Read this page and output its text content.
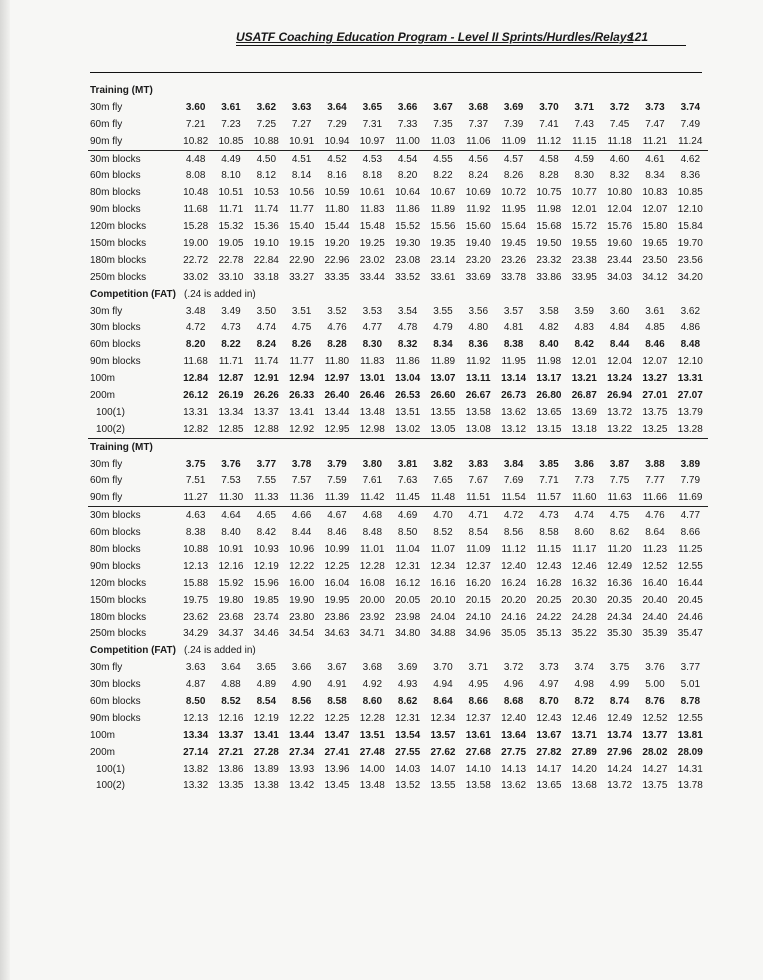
USATF Coaching Education Program - Level II Sprints/Hurdles/Relays
121
Training (MT)															
30m fly	3.60	3.61	3.62	3.63	3.64	3.65	3.66	3.67	3.68	3.69	3.70	3.71	3.72	3.73	3.74
60m fly	7.21	7.23	7.25	7.27	7.29	7.31	7.33	7.35	7.37	7.39	7.41	7.43	7.45	7.47	7.49
90m fly	10.82	10.85	10.88	10.91	10.94	10.97	11.00	11.03	11.06	11.09	11.12	11.15	11.18	11.21	11.24
30m blocks	4.48	4.49	4.50	4.51	4.52	4.53	4.54	4.55	4.56	4.57	4.58	4.59	4.60	4.61	4.62
60m blocks	8.08	8.10	8.12	8.14	8.16	8.18	8.20	8.22	8.24	8.26	8.28	8.30	8.32	8.34	8.36
80m blocks	10.48	10.51	10.53	10.56	10.59	10.61	10.64	10.67	10.69	10.72	10.75	10.77	10.80	10.83	10.85
90m blocks	11.68	11.71	11.74	11.77	11.80	11.83	11.86	11.89	11.92	11.95	11.98	12.01	12.04	12.07	12.10
120m blocks	15.28	15.32	15.36	15.40	15.44	15.48	15.52	15.56	15.60	15.64	15.68	15.72	15.76	15.80	15.84
150m blocks	19.00	19.05	19.10	19.15	19.20	19.25	19.30	19.35	19.40	19.45	19.50	19.55	19.60	19.65	19.70
180m blocks	22.72	22.78	22.84	22.90	22.96	23.02	23.08	23.14	23.20	23.26	23.32	23.38	23.44	23.50	23.56
250m blocks	33.02	33.10	33.18	33.27	33.35	33.44	33.52	33.61	33.69	33.78	33.86	33.95	34.03	34.12	34.20
Competition (FAT)	(.24 is added in)														
30m fly	3.48	3.49	3.50	3.51	3.52	3.53	3.54	3.55	3.56	3.57	3.58	3.59	3.60	3.61	3.62
30m blocks	4.72	4.73	4.74	4.75	4.76	4.77	4.78	4.79	4.80	4.81	4.82	4.83	4.84	4.85	4.86
60m blocks	8.20	8.22	8.24	8.26	8.28	8.30	8.32	8.34	8.36	8.38	8.40	8.42	8.44	8.46	8.48
90m blocks	11.68	11.71	11.74	11.77	11.80	11.83	11.86	11.89	11.92	11.95	11.98	12.01	12.04	12.07	12.10
100m	12.84	12.87	12.91	12.94	12.97	13.01	13.04	13.07	13.11	13.14	13.17	13.21	13.24	13.27	13.31
200m	26.12	26.19	26.26	26.33	26.40	26.46	26.53	26.60	26.67	26.73	26.80	26.87	26.94	27.01	27.07
100(1)	13.31	13.34	13.37	13.41	13.44	13.48	13.51	13.55	13.58	13.62	13.65	13.69	13.72	13.75	13.79
100(2)	12.82	12.85	12.88	12.92	12.95	12.98	13.02	13.05	13.08	13.12	13.15	13.18	13.22	13.25	13.28
Training (MT)															
30m fly	3.75	3.76	3.77	3.78	3.79	3.80	3.81	3.82	3.83	3.84	3.85	3.86	3.87	3.88	3.89
60m fly	7.51	7.53	7.55	7.57	7.59	7.61	7.63	7.65	7.67	7.69	7.71	7.73	7.75	7.77	7.79
90m fly	11.27	11.30	11.33	11.36	11.39	11.42	11.45	11.48	11.51	11.54	11.57	11.60	11.63	11.66	11.69
30m blocks	4.63	4.64	4.65	4.66	4.67	4.68	4.69	4.70	4.71	4.72	4.73	4.74	4.75	4.76	4.77
60m blocks	8.38	8.40	8.42	8.44	8.46	8.48	8.50	8.52	8.54	8.56	8.58	8.60	8.62	8.64	8.66
80m blocks	10.88	10.91	10.93	10.96	10.99	11.01	11.04	11.07	11.09	11.12	11.15	11.17	11.20	11.23	11.25
90m blocks	12.13	12.16	12.19	12.22	12.25	12.28	12.31	12.34	12.37	12.40	12.43	12.46	12.49	12.52	12.55
120m blocks	15.88	15.92	15.96	16.00	16.04	16.08	16.12	16.16	16.20	16.24	16.28	16.32	16.36	16.40	16.44
150m blocks	19.75	19.80	19.85	19.90	19.95	20.00	20.05	20.10	20.15	20.20	20.25	20.30	20.35	20.40	20.45
180m blocks	23.62	23.68	23.74	23.80	23.86	23.92	23.98	24.04	24.10	24.16	24.22	24.28	24.34	24.40	24.46
250m blocks	34.29	34.37	34.46	34.54	34.63	34.71	34.80	34.88	34.96	35.05	35.13	35.22	35.30	35.39	35.47
Competition (FAT)	(.24 is added in)														
30m fly	3.63	3.64	3.65	3.66	3.67	3.68	3.69	3.70	3.71	3.72	3.73	3.74	3.75	3.76	3.77
30m blocks	4.87	4.88	4.89	4.90	4.91	4.92	4.93	4.94	4.95	4.96	4.97	4.98	4.99	5.00	5.01
60m blocks	8.50	8.52	8.54	8.56	8.58	8.60	8.62	8.64	8.66	8.68	8.70	8.72	8.74	8.76	8.78
90m blocks	12.13	12.16	12.19	12.22	12.25	12.28	12.31	12.34	12.37	12.40	12.43	12.46	12.49	12.52	12.55
100m	13.34	13.37	13.41	13.44	13.47	13.51	13.54	13.57	13.61	13.64	13.67	13.71	13.74	13.77	13.81
200m	27.14	27.21	27.28	27.34	27.41	27.48	27.55	27.62	27.68	27.75	27.82	27.89	27.96	28.02	28.09
100(1)	13.82	13.86	13.89	13.93	13.96	14.00	14.03	14.07	14.10	14.13	14.17	14.20	14.24	14.27	14.31
100(2)	13.32	13.35	13.38	13.42	13.45	13.48	13.52	13.55	13.58	13.62	13.65	13.68	13.72	13.75	13.78
